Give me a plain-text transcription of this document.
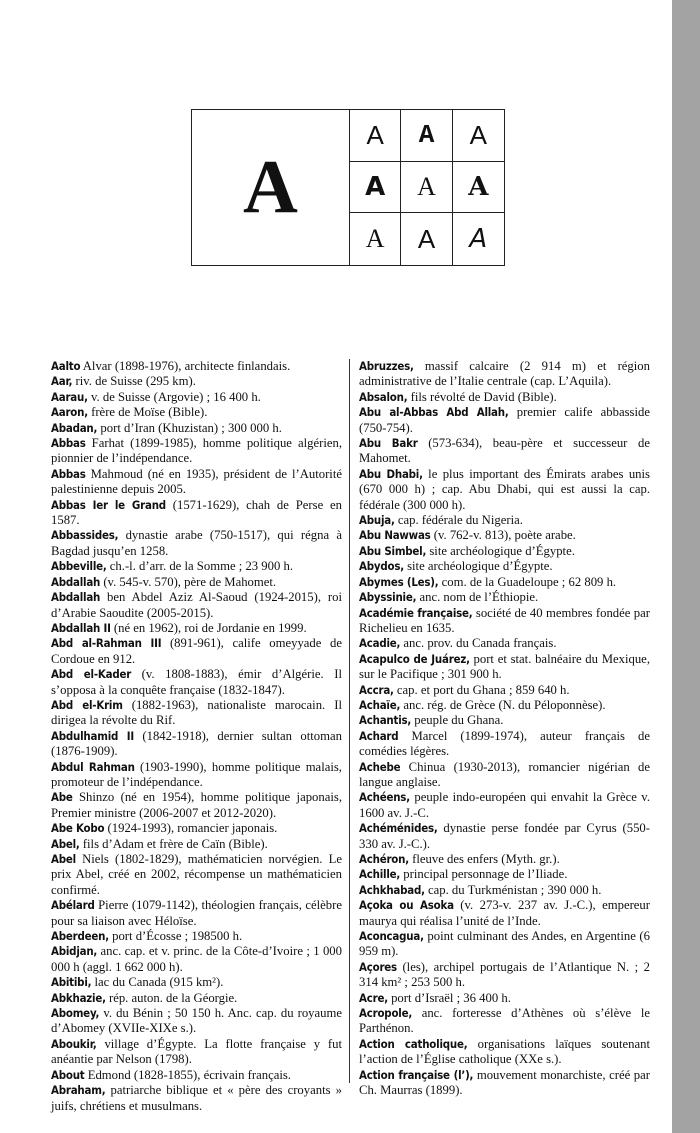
A
A	A	A
A	A	A
A	A	A

Aalto Alvar (1898-1976), architecte finlandais.

Aar, riv. de Suisse (295 km).

Aarau, v. de Suisse (Argovie) ; 16 400 h.

Aaron, frère de Moïse (Bible).

Abadan, port d’Iran (Khuzistan) ; 300 000 h.

Abbas Farhat (1899-1985), homme politique algérien, pionnier de l’indépendance.

Abbas Mahmoud (né en 1935), président de l’Autorité palestinienne depuis 2005.

Abbas Ier le Grand (1571-1629), chah de Perse en 1587.

Abbassides, dynastie arabe (750-1517), qui régna à Bagdad jusqu’en 1258.

Abbeville, ch.-l. d’arr. de la Somme ; 23 900 h.

Abdallah (v. 545-v. 570), père de Mahomet.

Abdallah ben Abdel Aziz Al-Saoud (1924-2015), roi d’Arabie Saoudite (2005-2015).

Abdallah II (né en 1962), roi de Jordanie en 1999.

Abd al-Rahman III (891-961), calife omeyyade de Cordoue en 912.

Abd el-Kader (v. 1808-1883), émir d’Algérie. Il s’opposa à la conquête française (1832-1847).

Abd el-Krim (1882-1963), nationaliste marocain. Il dirigea la révolte du Rif.

Abdulhamid II (1842-1918), dernier sultan ottoman (1876-1909).

Abdul Rahman (1903-1990), homme politique malais, promoteur de l’indépendance.

Abe Shinzo (né en 1954), homme politique japonais, Premier ministre (2006-2007 et 2012-2020).

Abe Kobo (1924-1993), romancier japonais.

Abel, fils d’Adam et frère de Caïn (Bible).

Abel Niels (1802-1829), mathématicien norvégien. Le prix Abel, créé en 2002, récompense un mathématicien confirmé.

Abélard Pierre (1079-1142), théologien français, célèbre pour sa liaison avec Héloïse.

Aberdeen, port d’Écosse ; 198500 h.

Abidjan, anc. cap. et v. princ. de la Côte-d’Ivoire ; 1 000 000 h (aggl. 1 662 000 h).

Abitibi, lac du Canada (915 km²).

Abkhazie, rép. auton. de la Géorgie.

Abomey, v. du Bénin ; 50 150 h. Anc. cap. du royaume d’Abomey (XVIIe-XIXe s.).

Aboukir, village d’Égypte. La flotte française y fut anéantie par Nelson (1798).

About Edmond (1828-1855), écrivain français.

Abraham, patriarche biblique et « père des croyants » juifs, chrétiens et musulmans.

Abruzzes, massif calcaire (2 914 m) et région administrative de l’Italie centrale (cap. L’Aquila).

Absalon, fils révolté de David (Bible).

Abu al-Abbas Abd Allah, premier calife abbasside (750-754).

Abu Bakr (573-634), beau-père et successeur de Mahomet.

Abu Dhabi, le plus important des Émirats arabes unis (670 000 h) ; cap. Abu Dhabi, qui est aussi la cap. fédérale (300 000 h).

Abuja, cap. fédérale du Nigeria.

Abu Nawwas (v. 762-v. 813), poète arabe.

Abu Simbel, site archéologique d’Égypte.

Abydos, site archéologique d’Égypte.

Abymes (Les), com. de la Guadeloupe ; 62 809 h.

Abyssinie, anc. nom de l’Éthiopie.

Académie française, société de 40 membres fondée par Richelieu en 1635.

Acadie, anc. prov. du Canada français.

Acapulco de Juárez, port et stat. balnéaire du Mexique, sur le Pacifique ; 301 900 h.

Accra, cap. et port du Ghana ; 859 640 h.

Achaïe, anc. rég. de Grèce (N. du Péloponnèse).

Achantis, peuple du Ghana.

Achard Marcel (1899-1974), auteur français de comédies légères.

Achebe Chinua (1930-2013), romancier nigérian de langue anglaise.

Achéens, peuple indo-européen qui envahit la Grèce v. 1600 av. J.-C.

Achéménides, dynastie perse fondée par Cyrus (550-330 av. J.-C.).

Achéron, fleuve des enfers (Myth. gr.).

Achille, principal personnage de l’Iliade.

Achkhabad, cap. du Turkménistan ; 390 000 h.

Açoka ou Asoka (v. 273-v. 237 av. J.-C.), empereur maurya qui réalisa l’unité de l’Inde.

Aconcagua, point culminant des Andes, en Argentine (6 959 m).

Açores (les), archipel portugais de l’Atlantique N. ; 2 314 km² ; 253 500 h.

Acre, port d’Israël ; 36 400 h.

Acropole, anc. forteresse d’Athènes où s’élève le Parthénon.

Action catholique, organisations laïques soutenant l’action de l’Église catholique (XXe s.).

Action française (l’), mouvement monarchiste, créé par Ch. Maurras (1899).
